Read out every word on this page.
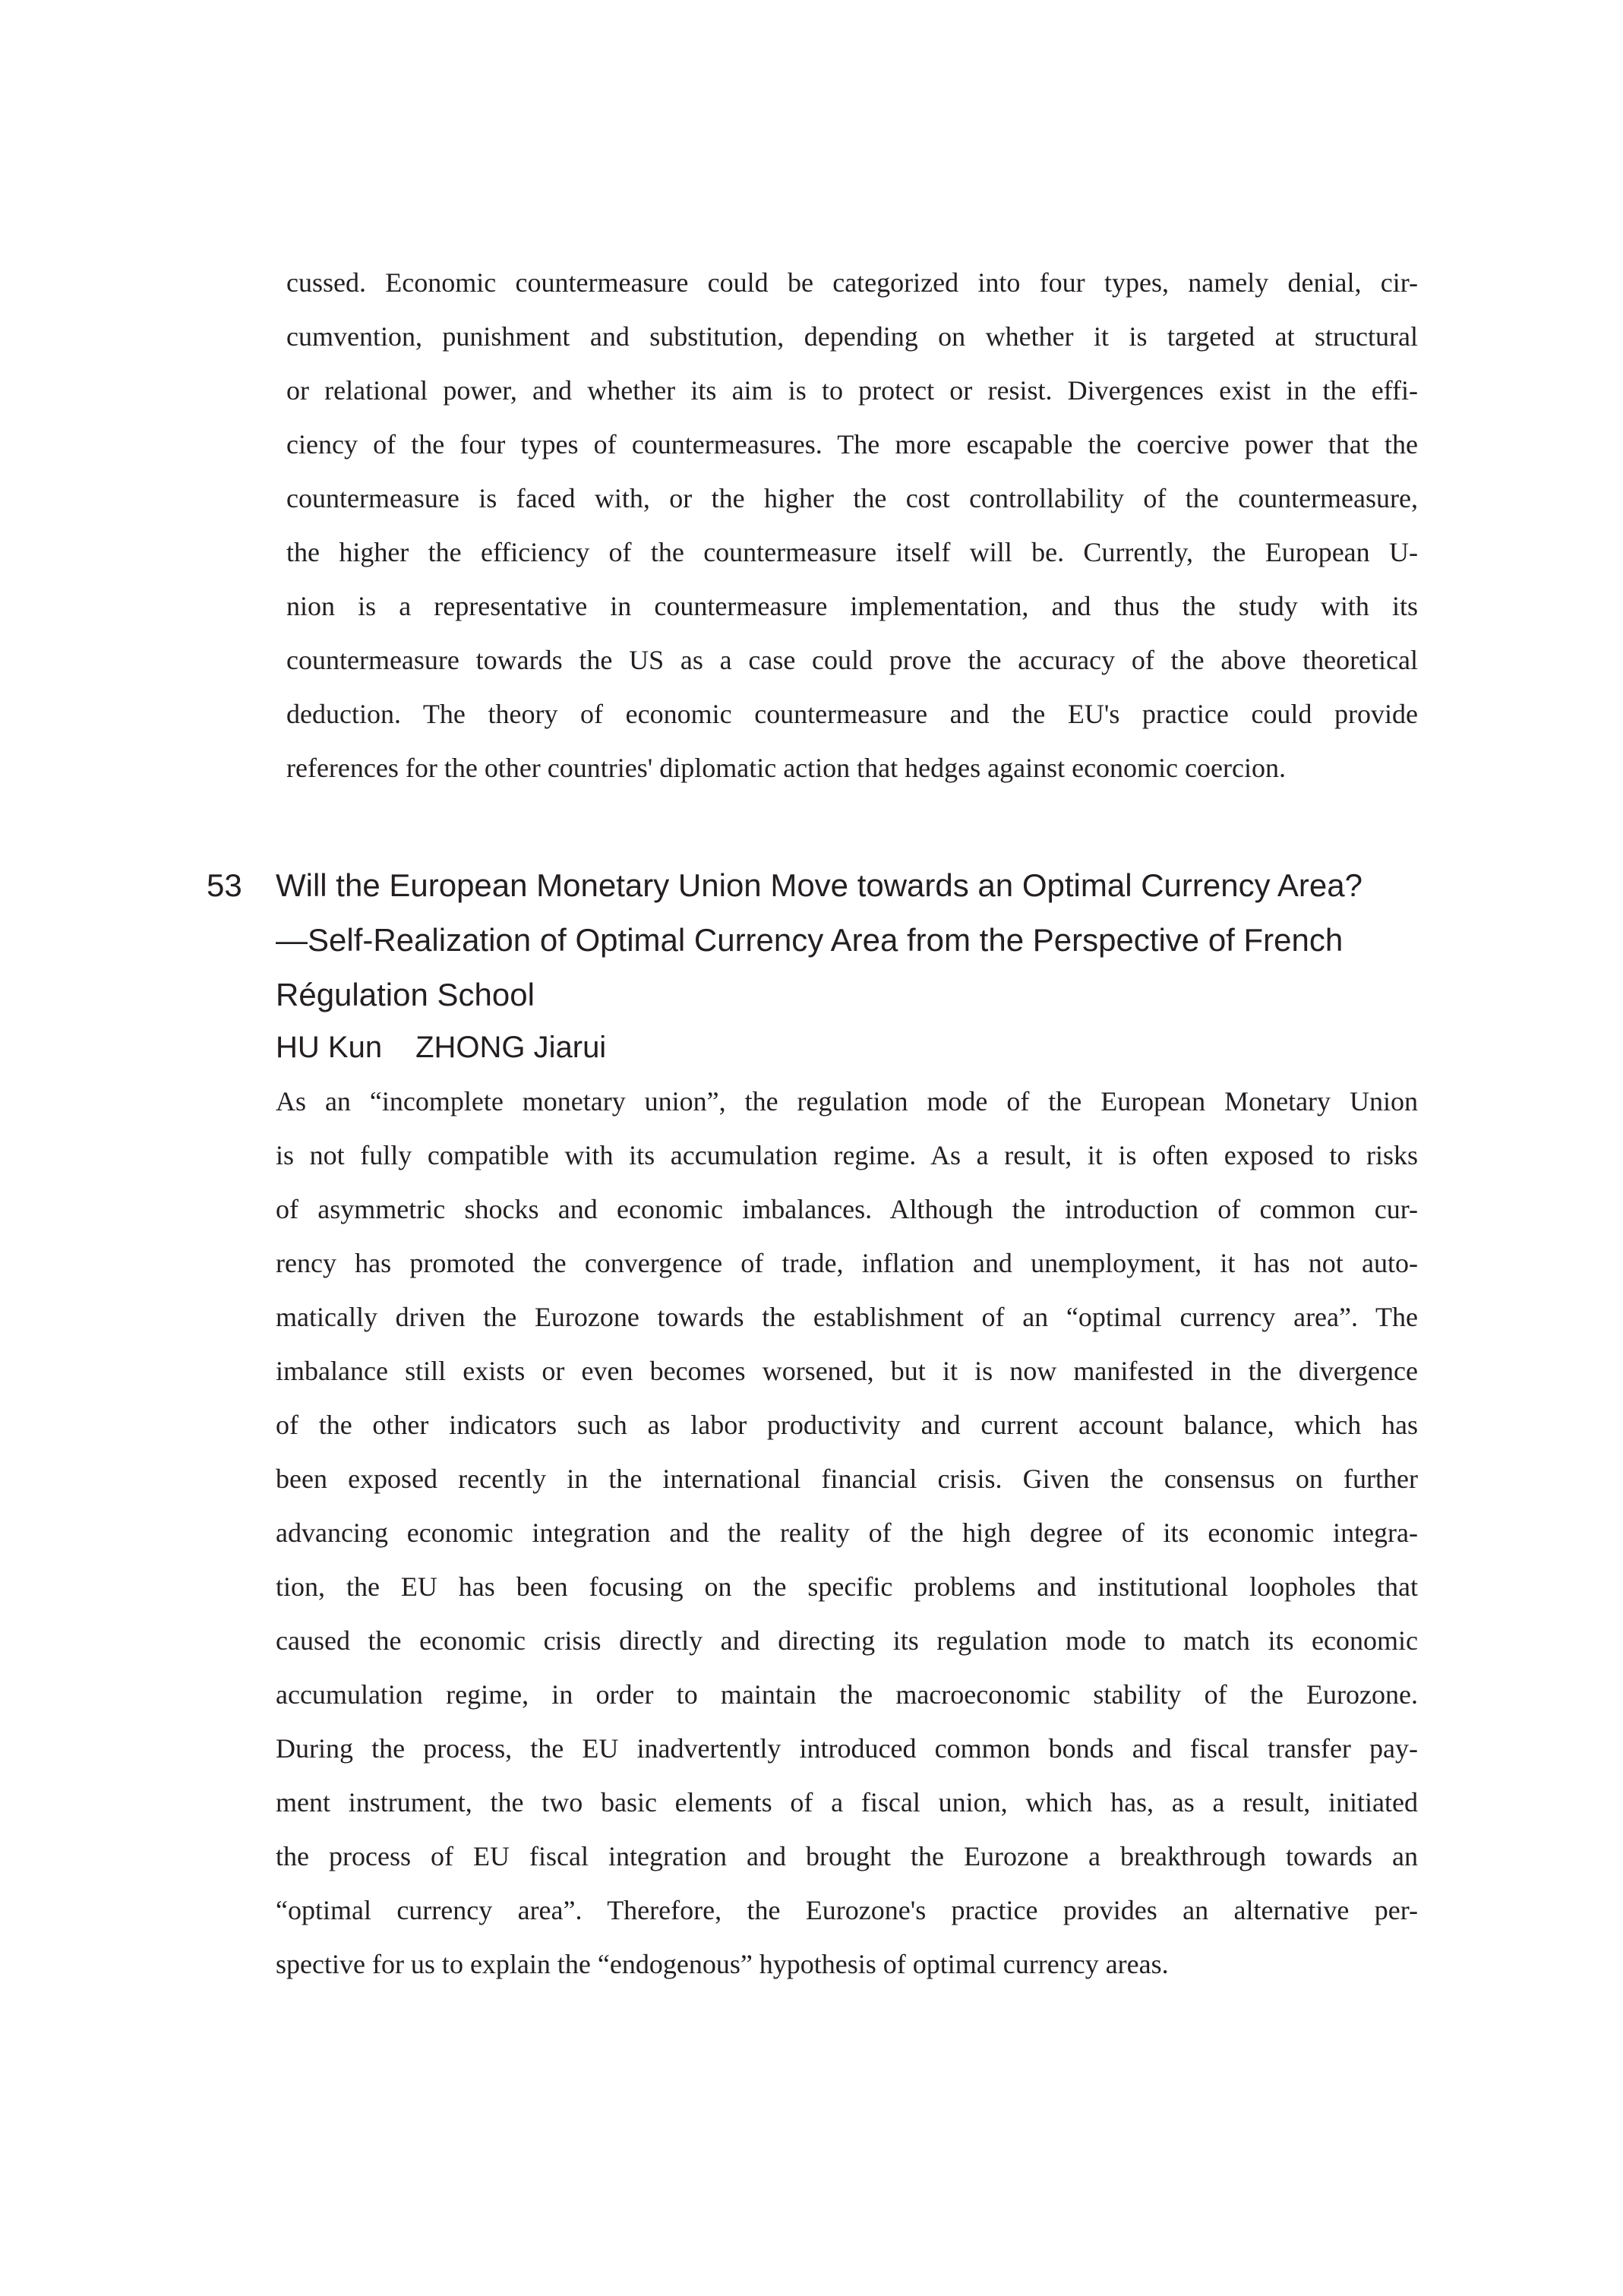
cussed. Economic countermeasure could be categorized into four types, namely denial, cir-
cumvention, punishment and substitution, depending on whether it is targeted at structural
or relational power, and whether its aim is to protect or resist. Divergences exist in the effi-
ciency of the four types of countermeasures. The more escapable the coercive power that the
countermeasure is faced with, or the higher the cost controllability of the countermeasure,
the higher the efficiency of the countermeasure itself will be. Currently, the European U-
nion is a representative in countermeasure implementation, and thus the study with its
countermeasure towards the US as a case could prove the accuracy of the above theoretical
deduction. The theory of economic countermeasure and the EU's practice could provide
references for the other countries' diplomatic action that hedges against economic coercion.
53 Will the European Monetary Union Move towards an Optimal Currency Area?
—Self-Realization of Optimal Currency Area from the Perspective of French
Régulation School
HU Kun ZHONG Jiarui
As an “incomplete monetary union”, the regulation mode of the European Monetary Union
is not fully compatible with its accumulation regime. As a result, it is often exposed to risks
of asymmetric shocks and economic imbalances. Although the introduction of common cur-
rency has promoted the convergence of trade, inflation and unemployment, it has not auto-
matically driven the Eurozone towards the establishment of an “optimal currency area”. The
imbalance still exists or even becomes worsened, but it is now manifested in the divergence
of the other indicators such as labor productivity and current account balance, which has
been exposed recently in the international financial crisis. Given the consensus on further
advancing economic integration and the reality of the high degree of its economic integra-
tion, the EU has been focusing on the specific problems and institutional loopholes that
caused the economic crisis directly and directing its regulation mode to match its economic
accumulation regime, in order to maintain the macroeconomic stability of the Eurozone.
During the process, the EU inadvertently introduced common bonds and fiscal transfer pay-
ment instrument, the two basic elements of a fiscal union, which has, as a result, initiated
the process of EU fiscal integration and brought the Eurozone a breakthrough towards an
“optimal currency area”. Therefore, the Eurozone's practice provides an alternative per-
spective for us to explain the “endogenous” hypothesis of optimal currency areas.
